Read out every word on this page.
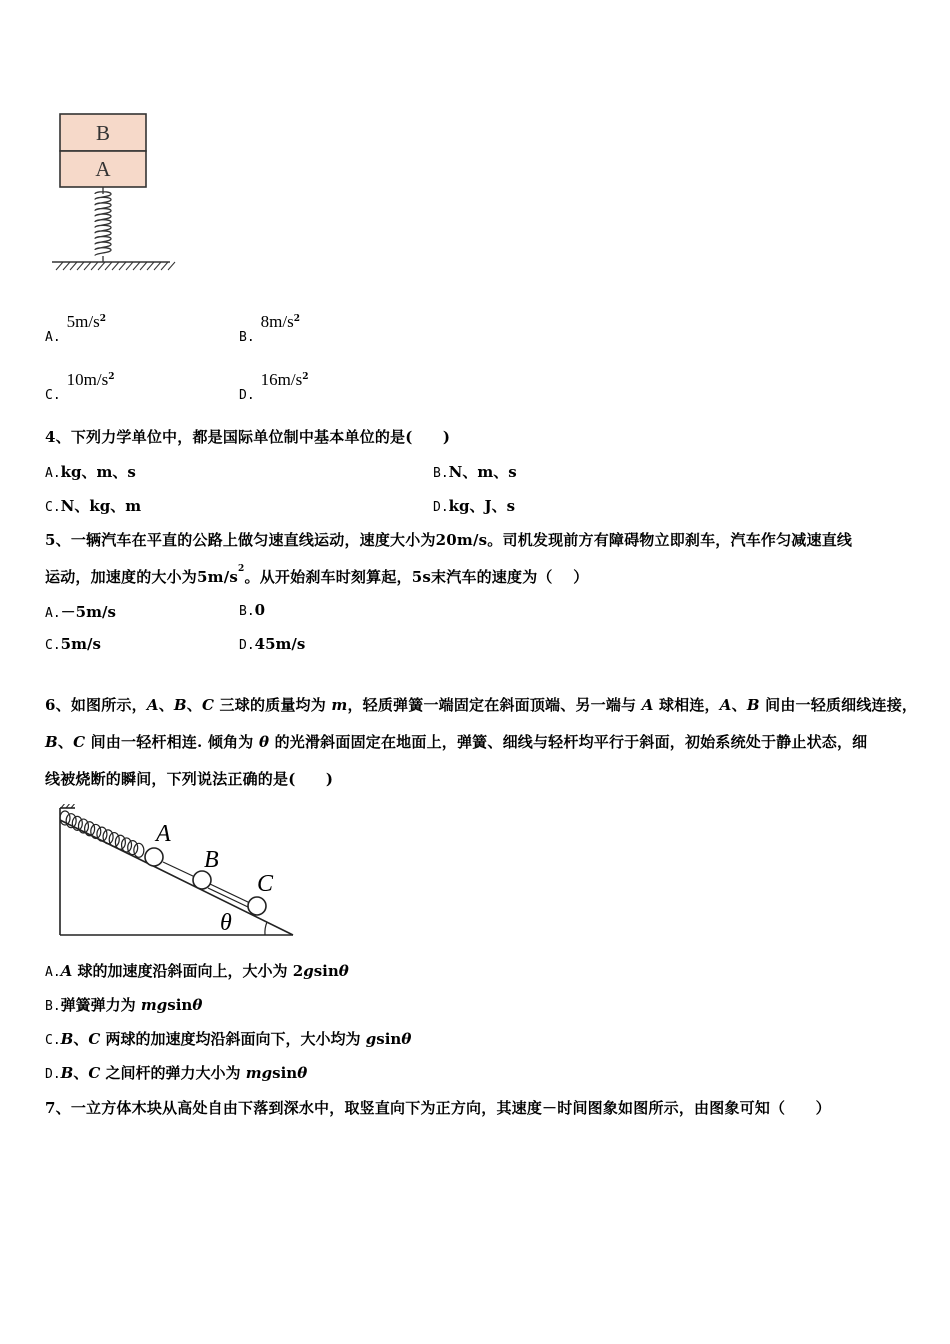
B
A
$A.5m/s^2$
$B.8m/s^2$
$C.10m/s^2$
$D.16m/s^2$
4、下列力学单位中，都是国际单位制中基本单位的是(　　)
A.kg、m、s	B.N、m、s
C.N、kg、m	D.kg、J、s
5、一辆汽车在平直的公路上做匀速直线运动，速度大小为20m/s。司机发现前方有障碍物立即刹车，汽车作匀减速直线
运动，加速度的大小为$5m/s^2$。从开始刹车时刻算起，5s末汽车的速度为（　 ）
A.－5m/s	B.0
C.5m/s	D.45m/s
6、如图所示，A、B、C 三球的质量均为 m，轻质弹簧一端固定在斜面顶端、另一端与 A 球相连，A、B 间由一轻质细线连接，
B、C 间由一轻杆相连. 倾角为 θ 的光滑斜面固定在地面上，弹簧、细线与轻杆均平行于斜面，初始系统处于静止状态，细
线被烧断的瞬间，下列说法正确的是(　　)
A
B
C
θ
A.A 球的加速度沿斜面向上，大小为 2gsinθ
B.弹簧弹力为 mgsinθ
C.B、C 两球的加速度均沿斜面向下，大小均为 gsinθ
D.B、C 之间杆的弹力大小为 mgsinθ
7、一立方体木块从高处自由下落到深水中，取竖直向下为正方向，其速度－时间图象如图所示，由图象可知（　　）
